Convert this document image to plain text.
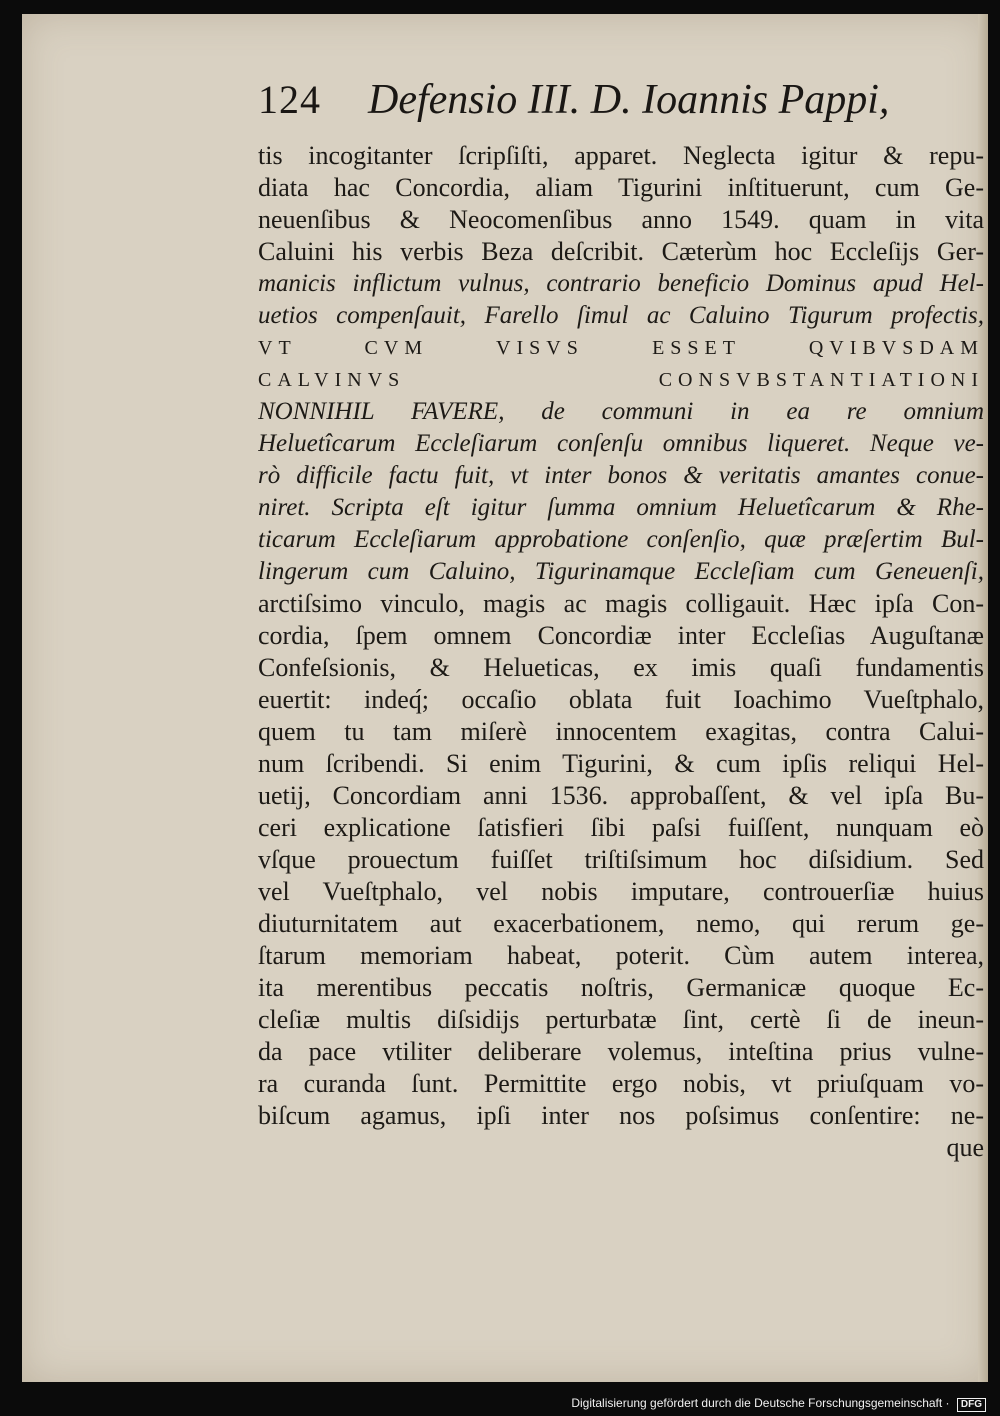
124 Defensio III. D. Ioannis Pappi,
tis incogitanter ſcripſiſti, apparet. Neglecta igitur & repu-
diata hac Concordia, aliam Tigurini inſtituerunt, cum Ge-
neuenſibus & Neocomenſibus anno 1549. quam in vita
Caluini his verbis Beza deſcribit. Cæterùm hoc Eccleſijs Ger-
manicis inflictum vulnus, contrario beneficio Dominus apud Hel-
uetios compenſauit, Farello ſimul ac Caluino Tigurum profectis,
VT CVM VISVS ESSET QVIBVSDAM
CALVINVS CONSVBSTANTIATIONI
NONNIHIL FAVERE, de communi in ea re omnium
Heluetîcarum Eccleſiarum conſenſu omnibus liqueret. Neque ve-
rò difficile factu fuit, vt inter bonos & veritatis amantes conue-
niret. Scripta eſt igitur ſumma omnium Heluetîcarum & Rhe-
ticarum Eccleſiarum approbatione conſenſio, quæ præſertim Bul-
lingerum cum Caluino, Tigurinamque Eccleſiam cum Geneuenſi,
arctiſsimo vinculo, magis ac magis colligauit. Hæc ipſa Con-
cordia, ſpem omnem Concordiæ inter Eccleſias Auguſtanæ
Confeſsionis, & Helueticas, ex imis quaſi fundamentis
euertit: indeq́; occaſio oblata fuit Ioachimo Vueſtphalo,
quem tu tam miſerè innocentem exagitas, contra Calui-
num ſcribendi. Si enim Tigurini, & cum ipſis reliqui Hel-
uetij, Concordiam anni 1536. approbaſſent, & vel ipſa Bu-
ceri explicatione ſatisfieri ſibi paſsi fuiſſent, nunquam eò
vſque prouectum fuiſſet triſtiſsimum hoc diſsidium. Sed
vel Vueſtphalo, vel nobis imputare, controuerſiæ huius
diuturnitatem aut exacerbationem, nemo, qui rerum ge-
ſtarum memoriam habeat, poterit. Cùm autem interea,
ita merentibus peccatis noſtris, Germanicæ quoque Ec-
cleſiæ multis diſsidijs perturbatæ ſint, certè ſi de ineun-
da pace vtiliter deliberare volemus, inteſtina prius vulne-
ra curanda ſunt. Permittite ergo nobis, vt priuſquam vo-
biſcum agamus, ipſi inter nos poſsimus conſentire: ne-
que
Digitalisierung gefördert durch die Deutsche Forschungsgemeinschaft · DFG
